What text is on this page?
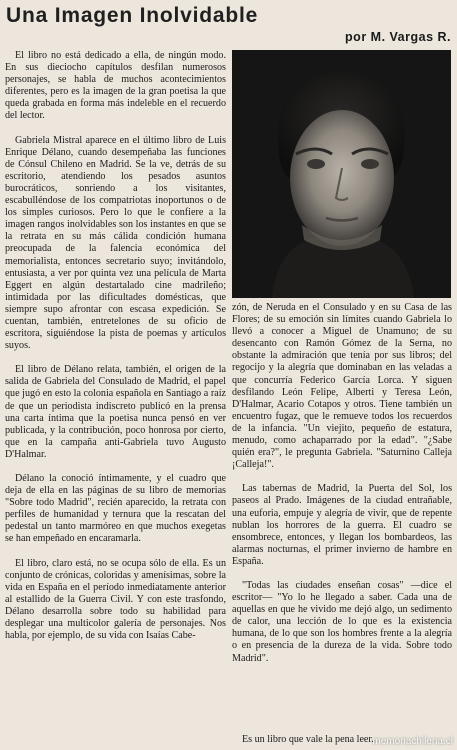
Una Imagen Inolvidable
por M. Vargas R.

El libro no está dedicado a ella, de ningún modo. En sus dieciocho capítulos desfilan numerosos personajes, se habla de muchos acontecimientos diferentes, pero es la imagen de la gran poetisa la que queda grabada en forma más indeleble en el recuerdo del lector.

Gabriela Mistral aparece en el último libro de Luis Enrique Délano, cuando desempeñaba las funciones de Cónsul Chileno en Madrid. Se la ve, detrás de su escritorio, atendiendo los pesados asuntos burocráticos, sonriendo a los visitantes, escabulléndose de los compatriotas inoportunos o de los simples curiosos. Pero lo que le confiere a la imagen rangos inolvidables son los instantes en que se la retrata en su más cálida condición humana preocupada de la falencia económica del memorialista, entonces secretario suyo; invitándolo, entusiasta, a ver por quinta vez una película de Marta Eggert en algún destartalado cine madrileño; intimidada por las dificultades domésticas, que siempre supo afrontar con escasa expedición. Se cuentan, también, entretelones de su oficio de escritora, siguiéndose la pista de poemas y artículos suyos.

El libro de Délano relata, también, el origen de la salida de Gabriela del Consulado de Madrid, el papel que jugó en esto la colonia española en Santiago a raíz de que un periodista indiscreto publicó en la prensa una carta íntima que la poetisa nunca pensó en ver publicada, y la contribución, poco honrosa por cierto, que en la campaña anti-Gabriela tuvo Augusto D'Halmar.

Délano la conoció íntimamente, y el cuadro que deja de ella en las páginas de su libro de memorias "Sobre todo Madrid", recién aparecido, la retrata con perfiles de humanidad y ternura que la rescatan del pedestal un tanto marmóreo en que muchos exegetas se han empeñado en encaramarla.

El libro, claro está, no se ocupa sólo de ella. Es un conjunto de crónicas, coloridas y amenísimas, sobre la vida en España en el período inmediatamente anterior al estallido de la Guerra Civil. Y con este trasfondo, Délano desarrolla sobre todo su habilidad para desplegar una multicolor galería de personajes. Nos habla, por ejemplo, de su vida con Isaías Cabe-

zón, de Neruda en el Consulado y en su Casa de las Flores; de su emoción sin límites cuando Gabriela lo llevó a conocer a Miguel de Unamuno; de su desencanto con Ramón Gómez de la Serna, no obstante la admiración que tenía por sus libros; del regocijo y la alegría que dominaban en las veladas a que concurría Federico García Lorca. Y siguen desfilando León Felipe, Alberti y Teresa León, D'Halmar, Acario Cotapos y otros. Tiene también un encuentro fugaz, que le remueve todos los recuerdos de la infancia. "Un viejito, pequeño de estatura, menudo, como achaparrado por la edad". "¿Sabe quién era?", le pregunta Gabriela. "Saturnino Calleja ¡Calleja!".

Las tabernas de Madrid, la Puerta del Sol, los paseos al Prado. Imágenes de la ciudad entrañable, una euforia, empuje y alegría de vivir, que de repente nublan los horrores de la guerra. El cuadro se ensombrece, entonces, y llegan los bombardeos, las alarmas nocturnas, el primer invierno de hambre en España.

"Todas las ciudades enseñan cosas" —dice el escritor— "Yo lo he llegado a saber. Cada una de aquellas en que he vivido me dejó algo, un sedimento de calor, una lección de lo que es la existencia humana, de lo que son los hombres frente a la alegría o en presencia de la dureza de la vida. Sobre todo Madrid".

Es un libro que vale la pena leer.
memoriachilena.cl
